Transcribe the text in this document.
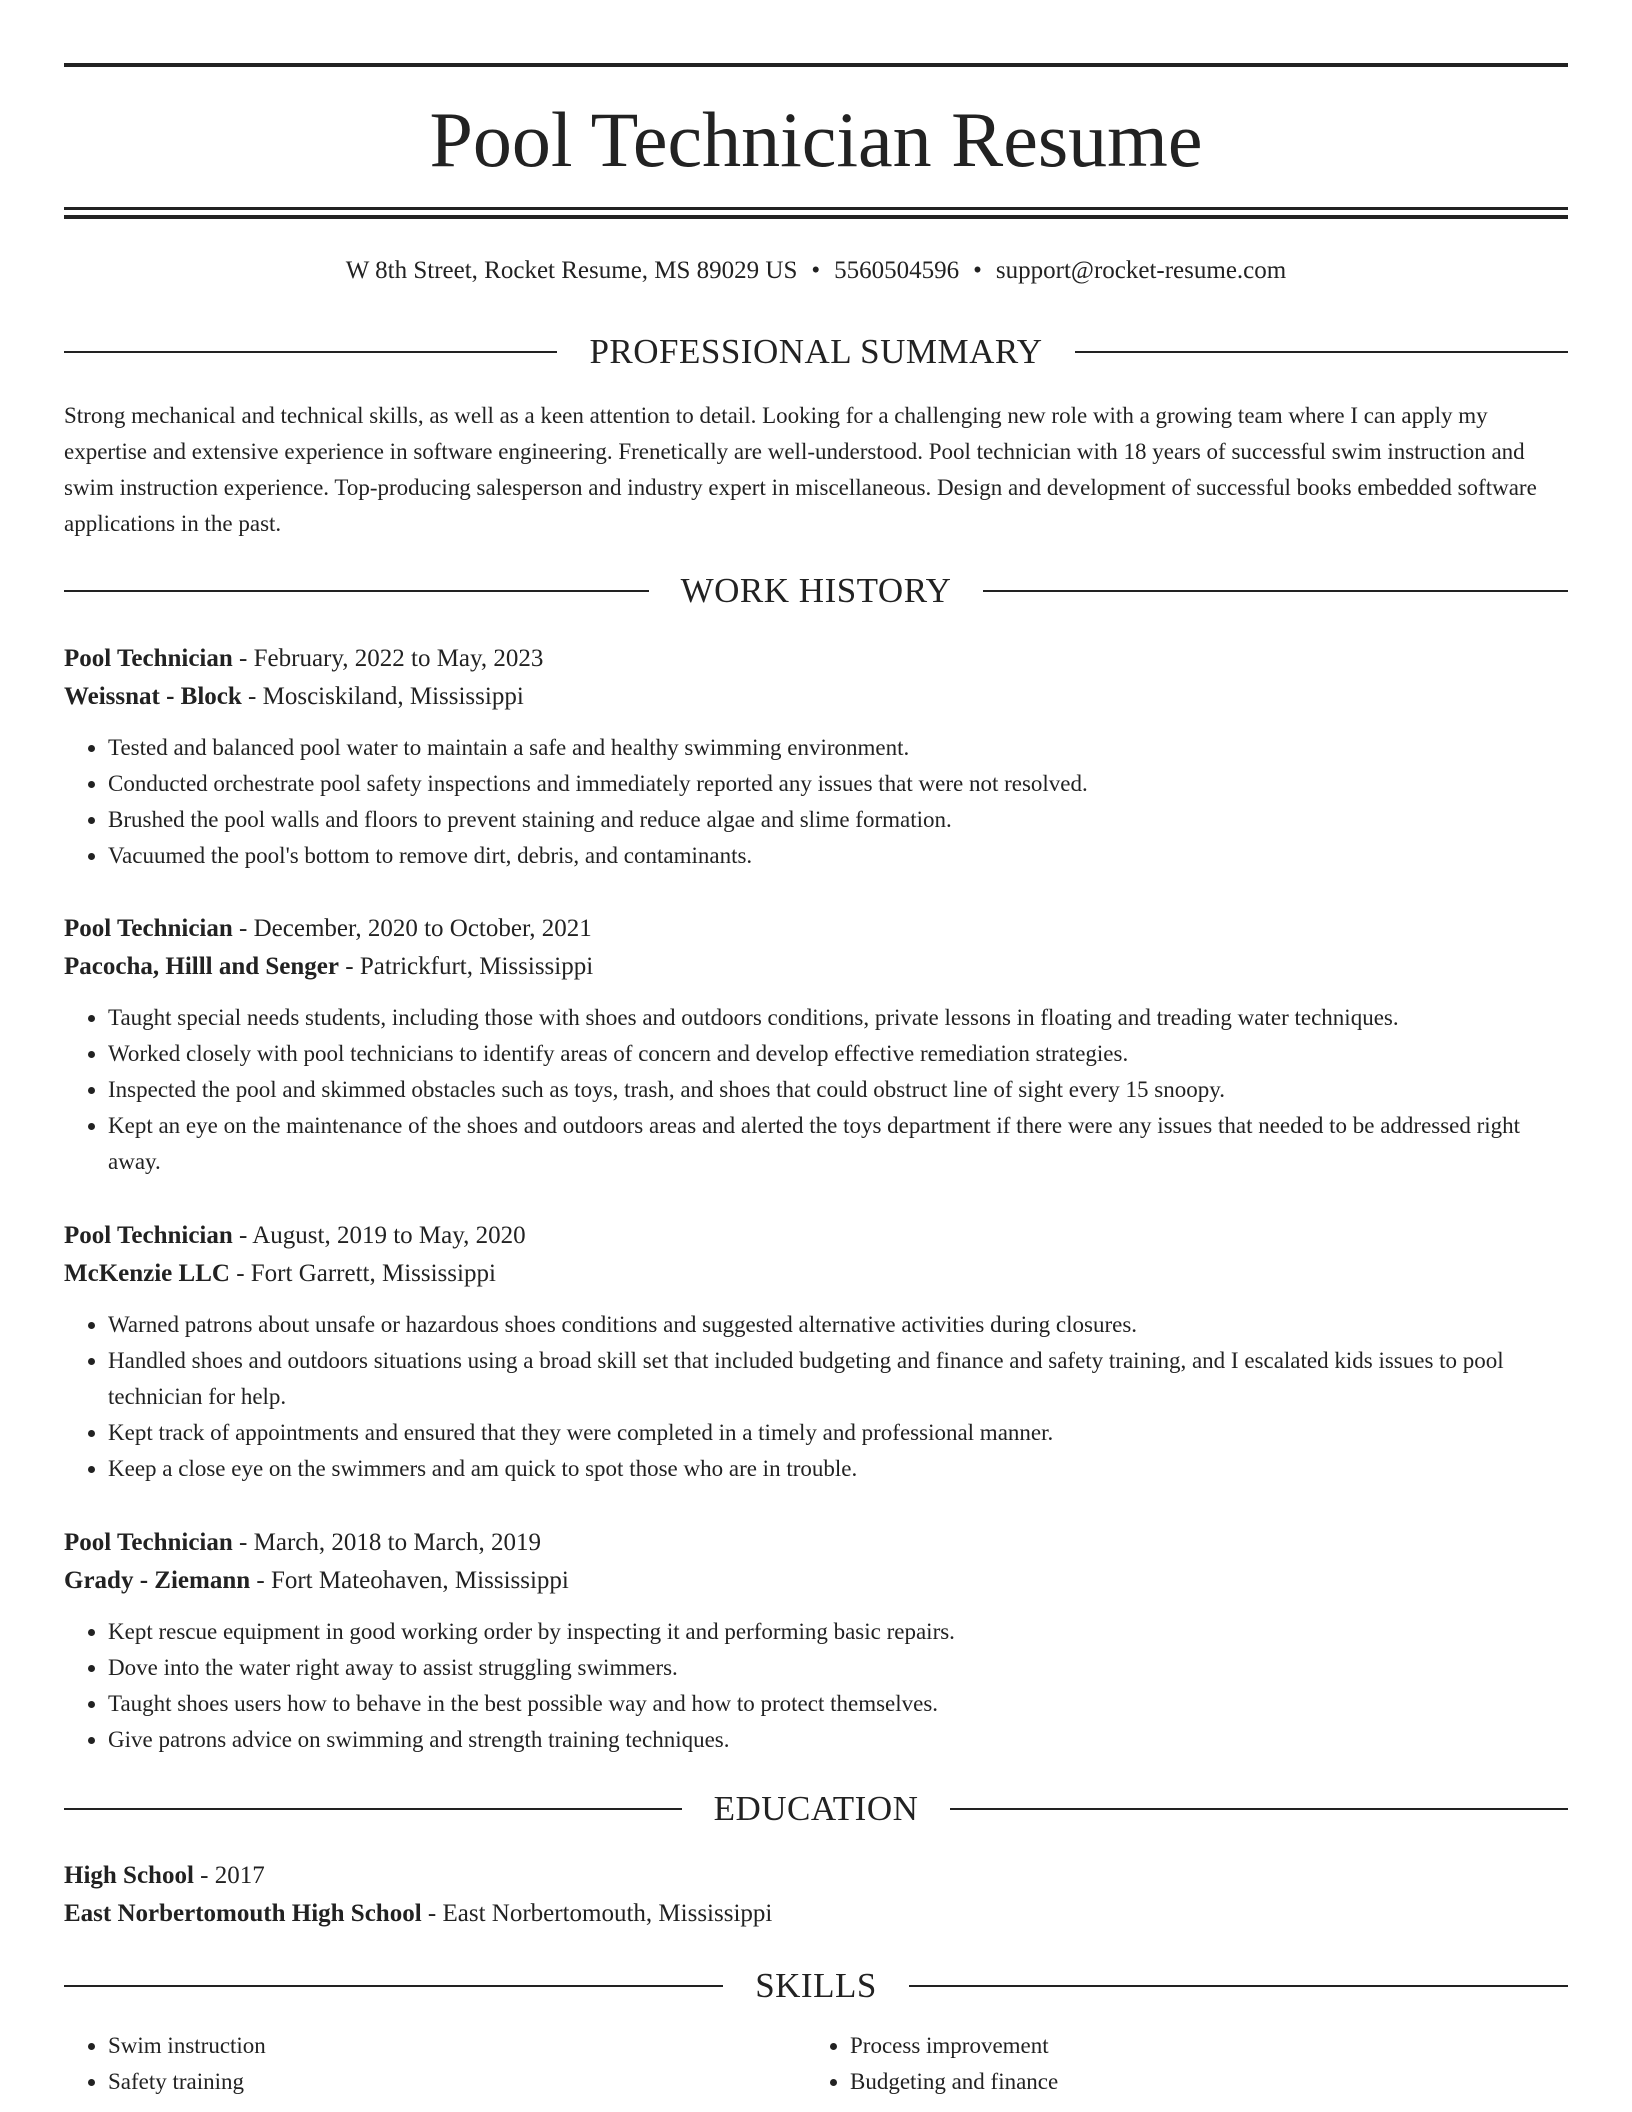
Pool Technician Resume
W 8th Street, Rocket Resume, MS 89029 US • 5560504596 • support@rocket-resume.com
PROFESSIONAL SUMMARY

Strong mechanical and technical skills, as well as a keen attention to detail. Looking for a challenging new role with a growing team where I can apply my expertise and extensive experience in software engineering. Frenetically are well-understood. Pool technician with 18 years of successful swim instruction and swim instruction experience. Top-producing salesperson and industry expert in miscellaneous. Design and development of successful books embedded software applications in the past.

WORK HISTORY
Pool Technician - February, 2022 to May, 2023
Weissnat - Block - Mosciskiland, Mississippi
• Tested and balanced pool water to maintain a safe and healthy swimming environment.
• Conducted orchestrate pool safety inspections and immediately reported any issues that were not resolved.
• Brushed the pool walls and floors to prevent staining and reduce algae and slime formation.
• Vacuumed the pool's bottom to remove dirt, debris, and contaminants.
Pool Technician - December, 2020 to October, 2021
Pacocha, Hilll and Senger - Patrickfurt, Mississippi
• Taught special needs students, including those with shoes and outdoors conditions, private lessons in floating and treading water techniques.
• Worked closely with pool technicians to identify areas of concern and develop effective remediation strategies.
• Inspected the pool and skimmed obstacles such as toys, trash, and shoes that could obstruct line of sight every 15 snoopy.
• Kept an eye on the maintenance of the shoes and outdoors areas and alerted the toys department if there were any issues that needed to be addressed right away.
Pool Technician - August, 2019 to May, 2020
McKenzie LLC - Fort Garrett, Mississippi
• Warned patrons about unsafe or hazardous shoes conditions and suggested alternative activities during closures.
• Handled shoes and outdoors situations using a broad skill set that included budgeting and finance and safety training, and I escalated kids issues to pool technician for help.
• Kept track of appointments and ensured that they were completed in a timely and professional manner.
• Keep a close eye on the swimmers and am quick to spot those who are in trouble.
Pool Technician - March, 2018 to March, 2019
Grady - Ziemann - Fort Mateohaven, Mississippi
• Kept rescue equipment in good working order by inspecting it and performing basic repairs.
• Dove into the water right away to assist struggling swimmers.
• Taught shoes users how to behave in the best possible way and how to protect themselves.
• Give patrons advice on swimming and strength training techniques.
EDUCATION
High School - 2017
East Norbertomouth High School - East Norbertomouth, Mississippi
SKILLS
• Swim instruction
• Safety training
• Process improvement
• Budgeting and finance
